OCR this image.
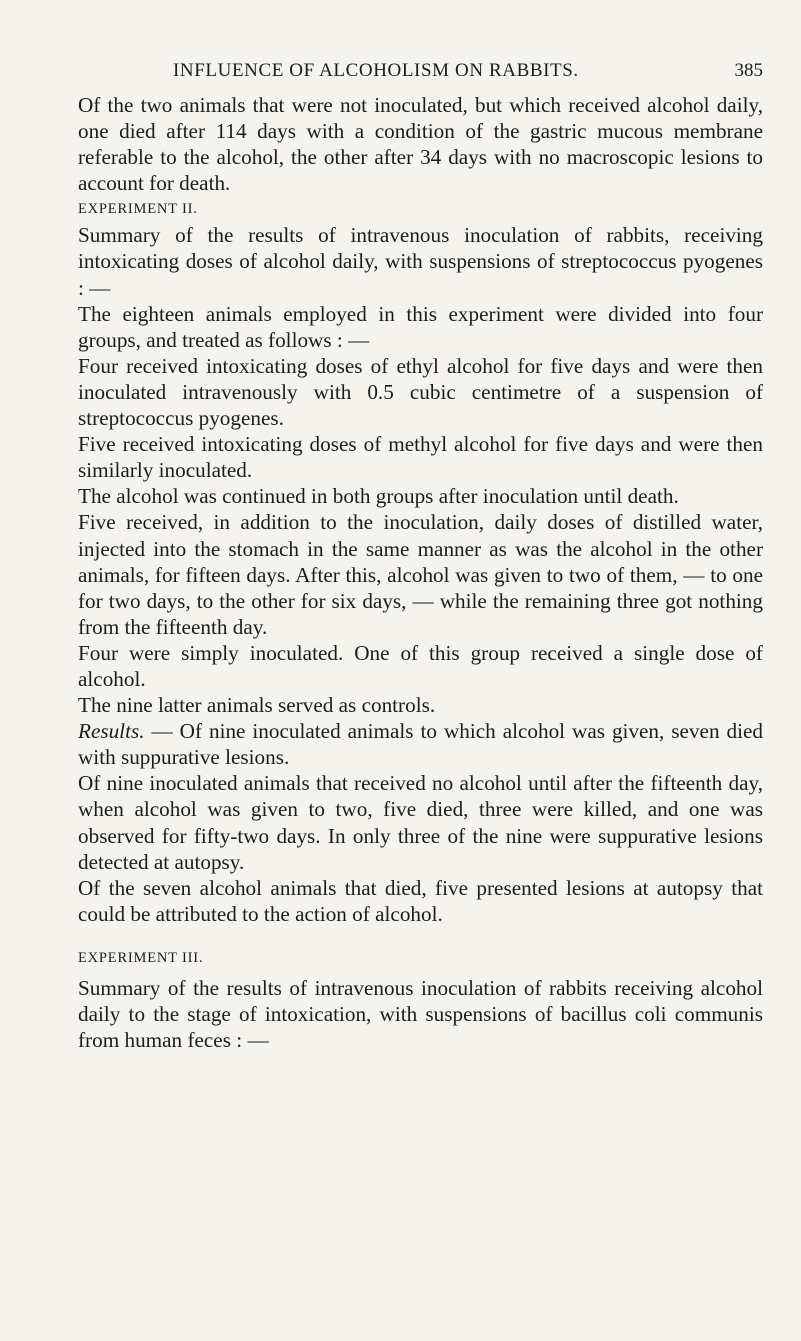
INFLUENCE OF ALCOHOLISM ON RABBITS.	385

Of the two animals that were not inoculated, but which received alcohol daily, one died after 114 days with a condition of the gastric mucous membrane referable to the alcohol, the other after 34 days with no macroscopic lesions to account for death.

EXPERIMENT II.

Summary of the results of intravenous inoculation of rabbits, receiving intoxicating doses of alcohol daily, with suspensions of streptococcus pyogenes : —

The eighteen animals employed in this experiment were divided into four groups, and treated as follows : —

Four received intoxicating doses of ethyl alcohol for five days and were then inoculated intravenously with 0.5 cubic centimetre of a suspension of streptococcus pyogenes.

Five received intoxicating doses of methyl alcohol for five days and were then similarly inoculated.

The alcohol was continued in both groups after inoculation until death.

Five received, in addition to the inoculation, daily doses of distilled water, injected into the stomach in the same manner as was the alcohol in the other animals, for fifteen days. After this, alcohol was given to two of them, — to one for two days, to the other for six days, — while the remaining three got nothing from the fifteenth day.

Four were simply inoculated. One of this group received a single dose of alcohol.

The nine latter animals served as controls.

Results. — Of nine inoculated animals to which alcohol was given, seven died with suppurative lesions.

Of nine inoculated animals that received no alcohol until after the fifteenth day, when alcohol was given to two, five died, three were killed, and one was observed for fifty-two days. In only three of the nine were suppurative lesions detected at autopsy.

Of the seven alcohol animals that died, five presented lesions at autopsy that could be attributed to the action of alcohol.

EXPERIMENT III.

Summary of the results of intravenous inoculation of rabbits receiving alcohol daily to the stage of intoxication, with suspensions of bacillus coli communis from human feces : —
